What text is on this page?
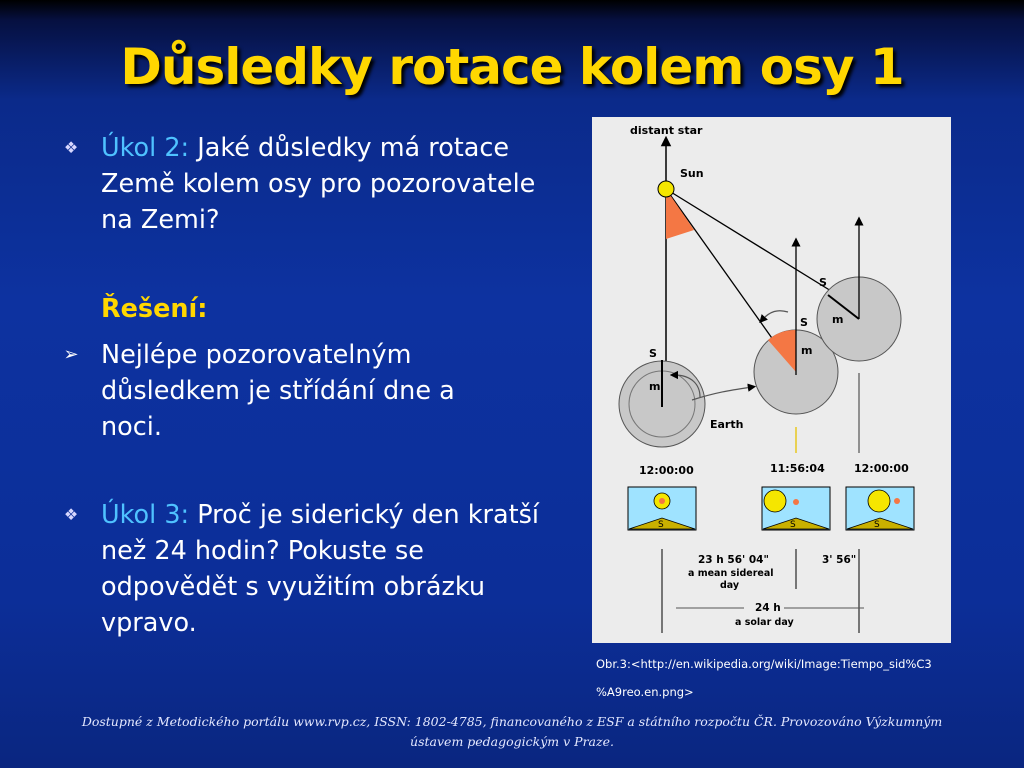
Důsledky rotace kolem osy 1
❖ Úkol 2: Jaké důsledky má rotace Země kolem osy pro pozorovatele na Zemi?
Řešení:
➢ Nejlépe pozorovatelným důsledkem je střídání dne a noci.
❖ Úkol 3: Proč je siderický den kratší než 24 hodin? Pokuste se odpovědět s využitím obrázku vpravo.
distant star
Sun
S
m
Earth
S
m
S
m
12:00:00	11:56:04	12:00:00
S	S	S
23 h 56' 04"
a mean sidereal
day
3' 56"
24 h
a solar day
Obr.3:<http://en.wikipedia.org/wiki/Image:Tiempo_sid%C3
%A9reo.en.png>
Dostupné z Metodického portálu www.rvp.cz, ISSN: 1802-4785, financovaného z ESF a státního rozpočtu ČR. Provozováno Výzkumným
ústavem pedagogickým v Praze.
